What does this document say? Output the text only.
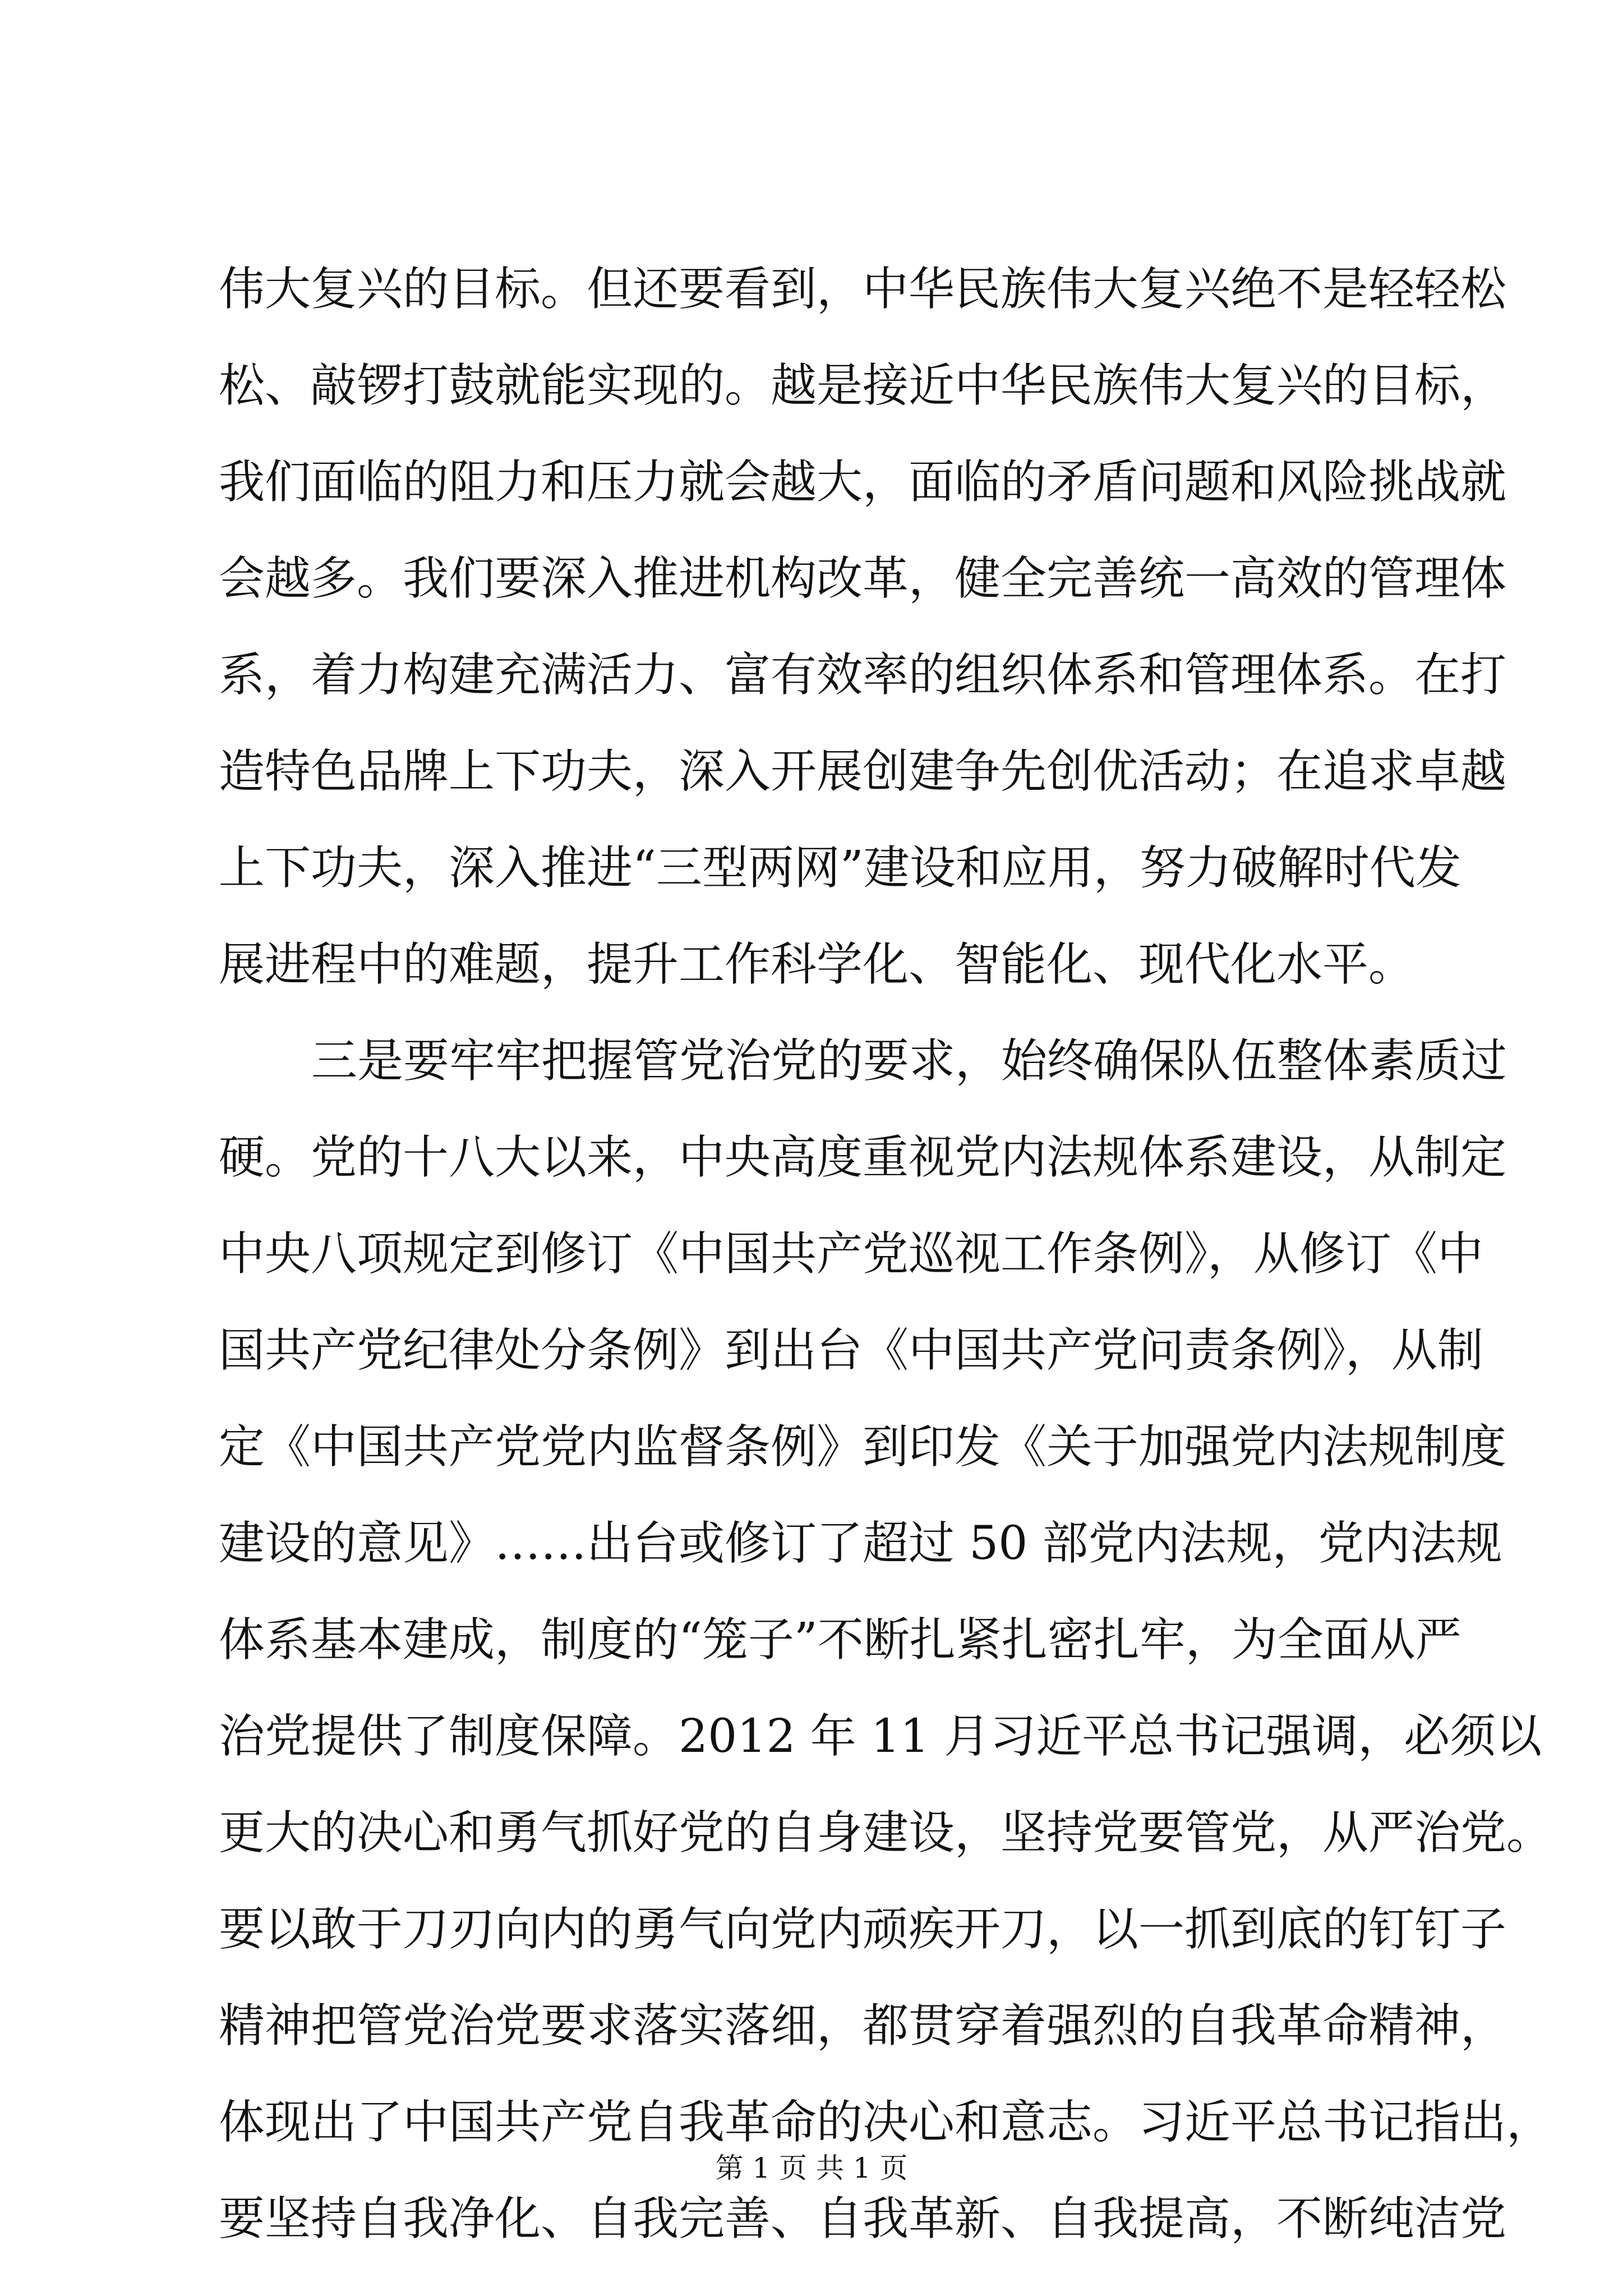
伟大复兴的目标。但还要看到，中华民族伟大复兴绝不是轻轻松
松、敲锣打鼓就能实现的。越是接近中华民族伟大复兴的目标，
我们面临的阻力和压力就会越大，面临的矛盾问题和风险挑战就
会越多。我们要深入推进机构改革，健全完善统一高效的管理体
系，着力构建充满活力、富有效率的组织体系和管理体系。在打
造特色品牌上下功夫，深入开展创建争先创优活动；在追求卓越
上下功夫，深入推进“三型两网”建设和应用，努力破解时代发
展进程中的难题，提升工作科学化、智能化、现代化水平。
三是要牢牢把握管党治党的要求，始终确保队伍整体素质过
硬。党的十八大以来，中央高度重视党内法规体系建设，从制定
中央八项规定到修订《中国共产党巡视工作条例》，从修订《中
国共产党纪律处分条例》到出台《中国共产党问责条例》，从制
定《中国共产党党内监督条例》到印发《关于加强党内法规制度
建设的意见》……出台或修订了超过 50 部党内法规，党内法规
体系基本建成，制度的“笼子”不断扎紧扎密扎牢，为全面从严
治党提供了制度保障。2012 年 11 月习近平总书记强调，必须以
更大的决心和勇气抓好党的自身建设，坚持党要管党，从严治党。
要以敢于刀刃向内的勇气向党内顽疾开刀，以一抓到底的钉钉子
精神把管党治党要求落实落细，都贯穿着强烈的自我革命精神，
体现出了中国共产党自我革命的决心和意志。习近平总书记指出，
要坚持自我净化、自我完善、自我革新、自我提高，不断纯洁党
第 1 页 共 1 页
